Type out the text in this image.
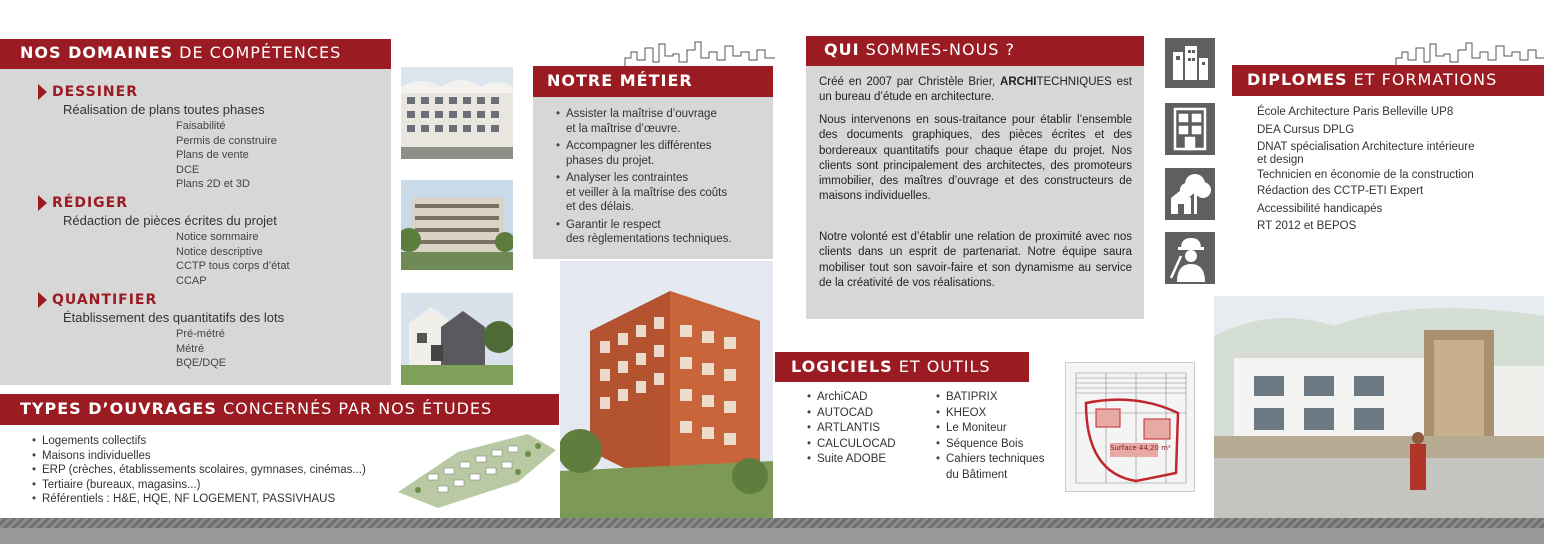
NOS DOMAINES DE COMPÉTENCES
DESSINER
Réalisation de plans toutes phases
Faisabilité
Permis de construire
Plans de vente
DCE
Plans 2D et 3D
RÉDIGER
Rédaction de pièces écrites du projet
Notice sommaire
Notice descriptive
CCTP tous corps d’état
CCAP
QUANTIFIER
Établissement des quantitatifs des lots
Pré-métré
Métré
BQE/DQE
TYPES D’OUVRAGES CONCERNÉS PAR NOS ÉTUDES
• Logements collectifs
• Maisons individuelles
• ERP (crèches, établissements scolaires, gymnases, cinémas...)
• Tertiaire (bureaux, magasins...)
• Référentiels : H&E, HQE, NF LOGEMENT, PASSIVHAUS
NOTRE MÉTIER
• Assister la maîtrise d’ouvrage
et la maîtrise d’œuvre.
• Accompagner les différentes
phases du projet.
• Analyser les contraintes
et veiller à la maîtrise des coûts
et des délais.
• Garantir le respect
des règlementations techniques.
QUI SOMMES-NOUS ?
Créé en 2007 par Christèle Brier, ARCHITECHNIQUES est un bureau d’étude en architecture.
Nous intervenons en sous-traitance pour établir l’ensemble des documents graphiques, des pièces écrites et des bordereaux quantitatifs pour chaque étape du projet. Nos clients sont principalement des architectes, des promoteurs immobilier, des maîtres d’ouvrage et des constructeurs de maisons individuelles.
Notre volonté est d’établir une relation de proximité avec nos clients dans un esprit de partenariat. Notre équipe saura mobiliser tout son savoir-faire et son dynamisme au service de la créativité de vos réalisations.
LOGICIELS ET OUTILS
• ArchiCAD
• AUTOCAD
• ARTLANTIS
• CALCULOCAD
• Suite ADOBE
• BATIPRIX
• KHEOX
• Le Moniteur
• Séquence Bois
• Cahiers techniques
du Bâtiment
Surface 44,20 m²
DIPLOMES ET FORMATIONS
École Architecture Paris Belleville UP8
DEA Cursus DPLG
DNAT spécialisation Architecture intérieure
et design
Technicien en économie de la construction
Rédaction des CCTP-ETI Expert
Accessibilité handicapés
RT 2012 et BEPOS
